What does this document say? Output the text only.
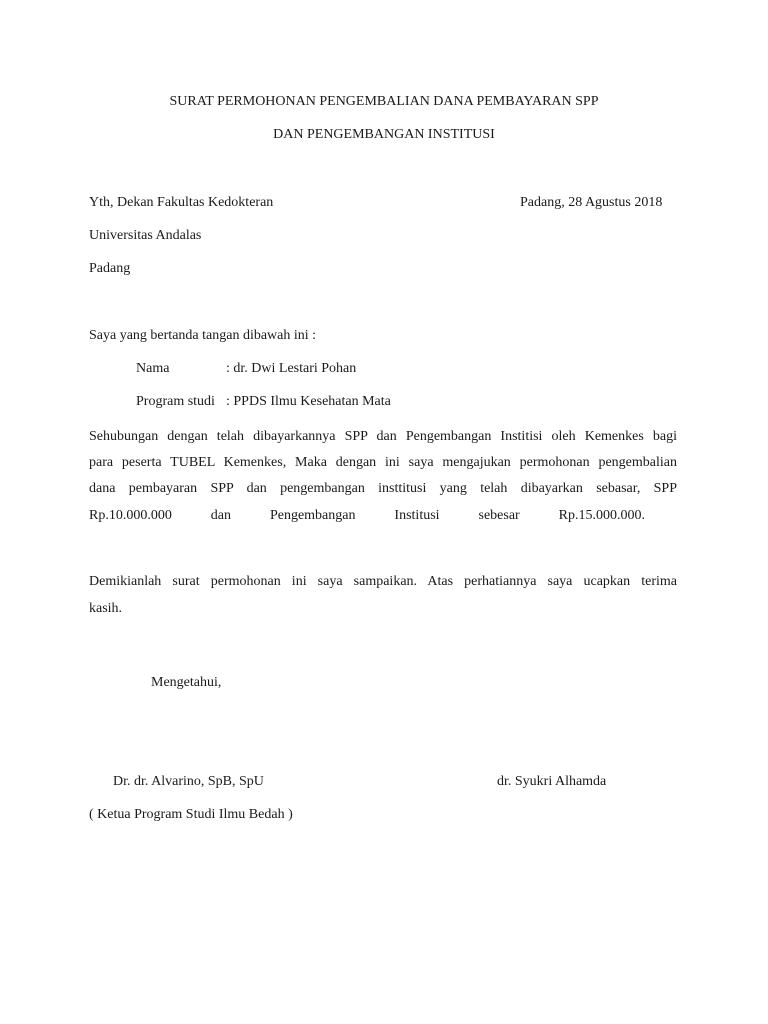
SURAT PERMOHONAN PENGEMBALIAN DANA PEMBAYARAN SPP
DAN PENGEMBANGAN INSTITUSI
Yth, Dekan Fakultas Kedokteran	Padang, 28 Agustus 2018
Universitas Andalas
Padang
Saya yang bertanda tangan dibawah ini :
Nama	: dr. Dwi Lestari Pohan
Program studi : PPDS Ilmu Kesehatan Mata
Sehubungan dengan telah dibayarkannya SPP dan Pengembangan Institisi oleh Kemenkes bagi
para peserta TUBEL Kemenkes, Maka dengan ini saya mengajukan permohonan pengembalian
dana pembayaran SPP dan pengembangan insttitusi yang telah dibayarkan sebasar, SPP
Rp.10.000.000 dan Pengembangan Institusi sebesar Rp.15.000.000.
Demikianlah surat permohonan ini saya sampaikan. Atas perhatiannya saya ucapkan terima
kasih.
Mengetahui,
Dr. dr. Alvarino, SpB, SpU	dr. Syukri Alhamda
( Ketua Program Studi Ilmu Bedah )
